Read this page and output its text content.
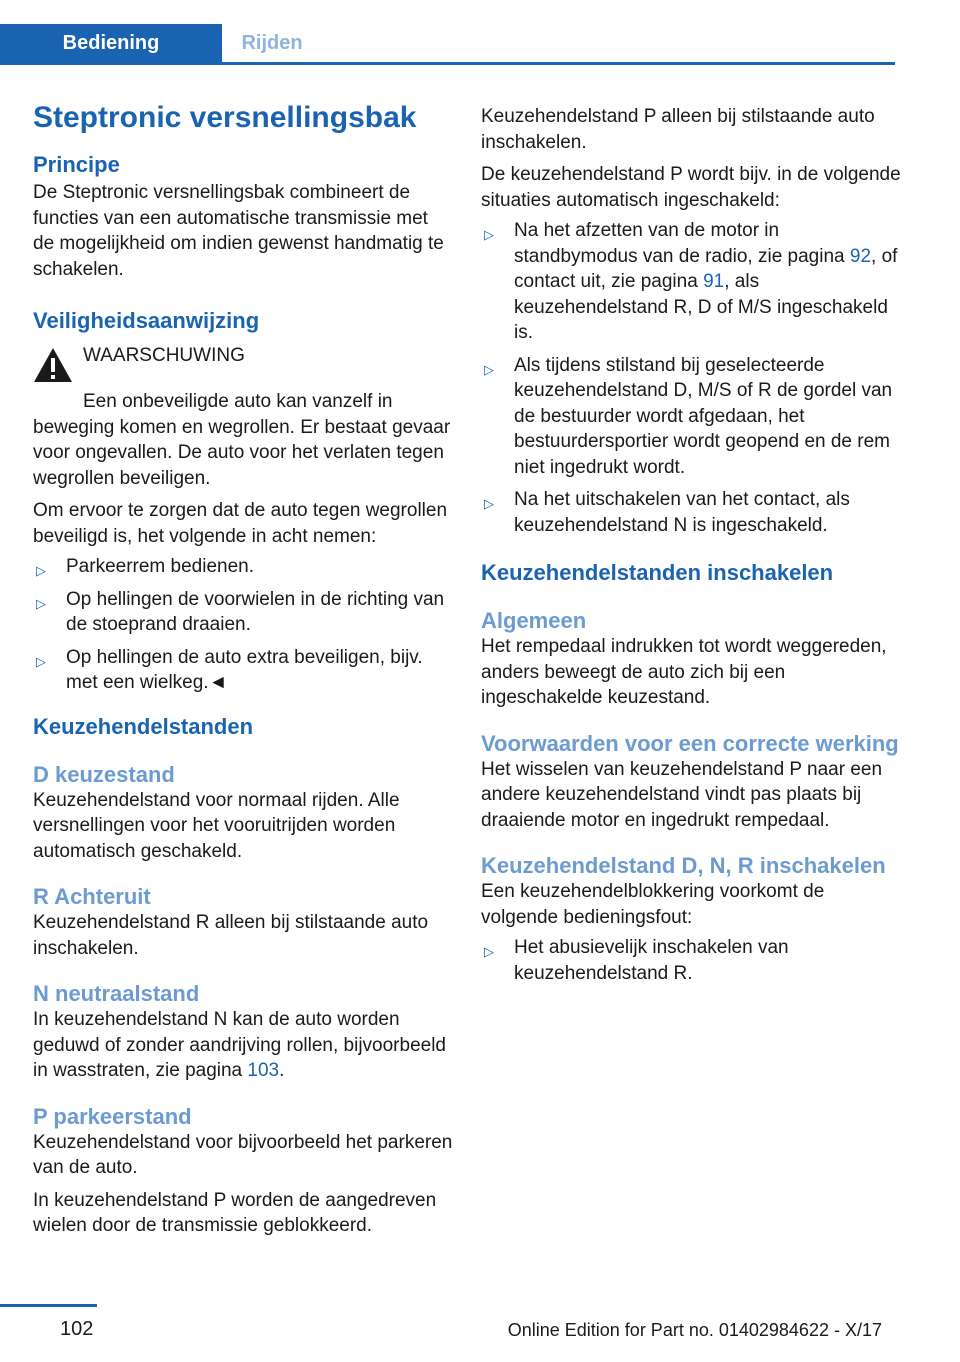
Bediening	Rijden
Steptronic versnellingsbak
Principe

De Steptronic versnellingsbak combineert de functies van een automatische transmissie met de mogelijkheid om indien gewenst handmatig te schakelen.

Veiligheidsaanwijzing

WAARSCHUWING

Een onbeveiligde auto kan vanzelf in beweging komen en wegrollen. Er bestaat gevaar voor ongevallen. De auto voor het verlaten tegen wegrollen beveiligen.

Om ervoor te zorgen dat de auto tegen wegrollen beveiligd is, het volgende in acht nemen:

▷ Parkeerrem bedienen.
▷ Op hellingen de voorwielen in de richting van de stoeprand draaien.
▷ Op hellingen de auto extra beveiligen, bijv. met een wielkeg.◄
Keuzehendelstanden
D keuzestand

Keuzehendelstand voor normaal rijden. Alle versnellingen voor het vooruitrijden worden automatisch geschakeld.

R Achteruit

Keuzehendelstand R alleen bij stilstaande auto inschakelen.

N neutraalstand

In keuzehendelstand N kan de auto worden geduwd of zonder aandrijving rollen, bijvoorbeeld in wasstraten, zie pagina 103.

P parkeerstand

Keuzehendelstand voor bijvoorbeeld het parkeren van de auto.

In keuzehendelstand P worden de aangedreven wielen door de transmissie geblokkeerd.

Keuzehendelstand P alleen bij stilstaande auto inschakelen.

De keuzehendelstand P wordt bijv. in de volgende situaties automatisch ingeschakeld:

▷ Na het afzetten van de motor in standbymodus van de radio, zie pagina 92, of contact uit, zie pagina 91, als keuzehendelstand R, D of M/S ingeschakeld is.
▷ Als tijdens stilstand bij geselecteerde keuzehendelstand D, M/S of R de gordel van de bestuurder wordt afgedaan, het bestuurdersportier wordt geopend en de rem niet ingedrukt wordt.
▷ Na het uitschakelen van het contact, als keuzehendelstand N is ingeschakeld.
Keuzehendelstanden inschakelen
Algemeen

Het rempedaal indrukken tot wordt weggereden, anders beweegt de auto zich bij een ingeschakelde keuzestand.

Voorwaarden voor een correcte werking

Het wisselen van keuzehendelstand P naar een andere keuzehendelstand vindt pas plaats bij draaiende motor en ingedrukt rempedaal.

Keuzehendelstand D, N, R inschakelen

Een keuzehendelblokkering voorkomt de volgende bedieningsfout:

▷ Het abusievelijk inschakelen van keuzehendelstand R.
102	Online Edition for Part no. 01402984622 - X/17
